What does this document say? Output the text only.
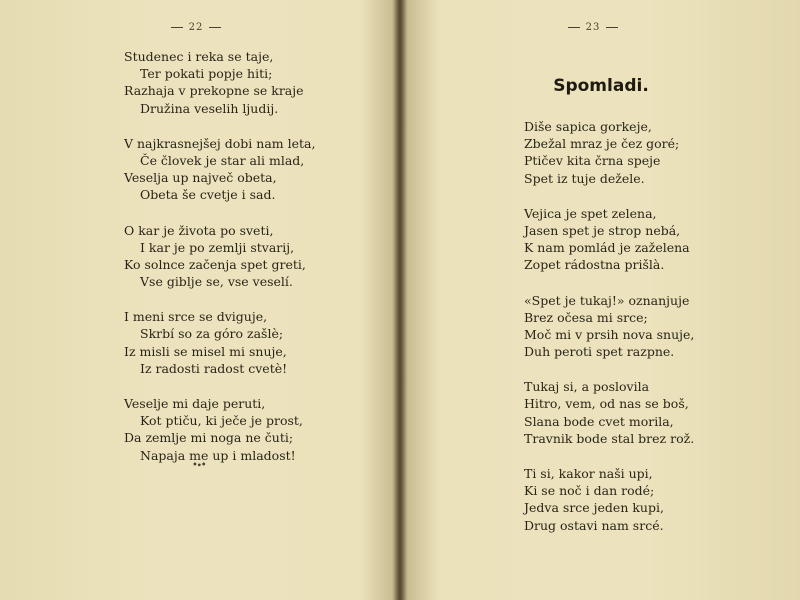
22
Studenec i reka se taje,
Ter pokati popje hiti;
Razhaja v prekopne se kraje
Družina veselih ljudij.
V najkrasnejšej dobi nam leta,
Če človek je star ali mlad,
Veselja up največ obeta,
Obeta še cvetje i sad.
O kar je života po sveti,
I kar je po zemlji stvarij,
Ko solnce začenja spet greti,
Vse giblje se, vse veselí.
I meni srce se dviguje,
Skrbí so za góro zašlè;
Iz misli se misel mi snuje,
Iz radosti radost cvetè!
Veselje mi daje peruti,
Kot ptiču, ki ječe je prost,
Da zemlje mi noga ne čuti;
Napaja me up i mladost!
•∙•
23
Spomladi.
Diše sapica gorkeje,
Zbežal mraz je čez goré;
Ptičev kita črna speje
Spet iz tuje dežele.
Vejica je spet zelena,
Jasen spet je strop nebá,
K nam pomlád je zaželena
Zopet rádostna prišlà.
«Spet je tukaj!» oznanjuje
Brez očesa mi srce;
Moč mi v prsih nova snuje,
Duh peroti spet razpne.
Tukaj si, a poslovila
Hitro, vem, od nas se boš,
Slana bode cvet morila,
Travnik bode stal brez rož.
Ti si, kakor naši upi,
Ki se noč i dan rodé;
Jedva srce jeden kupi,
Drug ostavi nam srcé.
